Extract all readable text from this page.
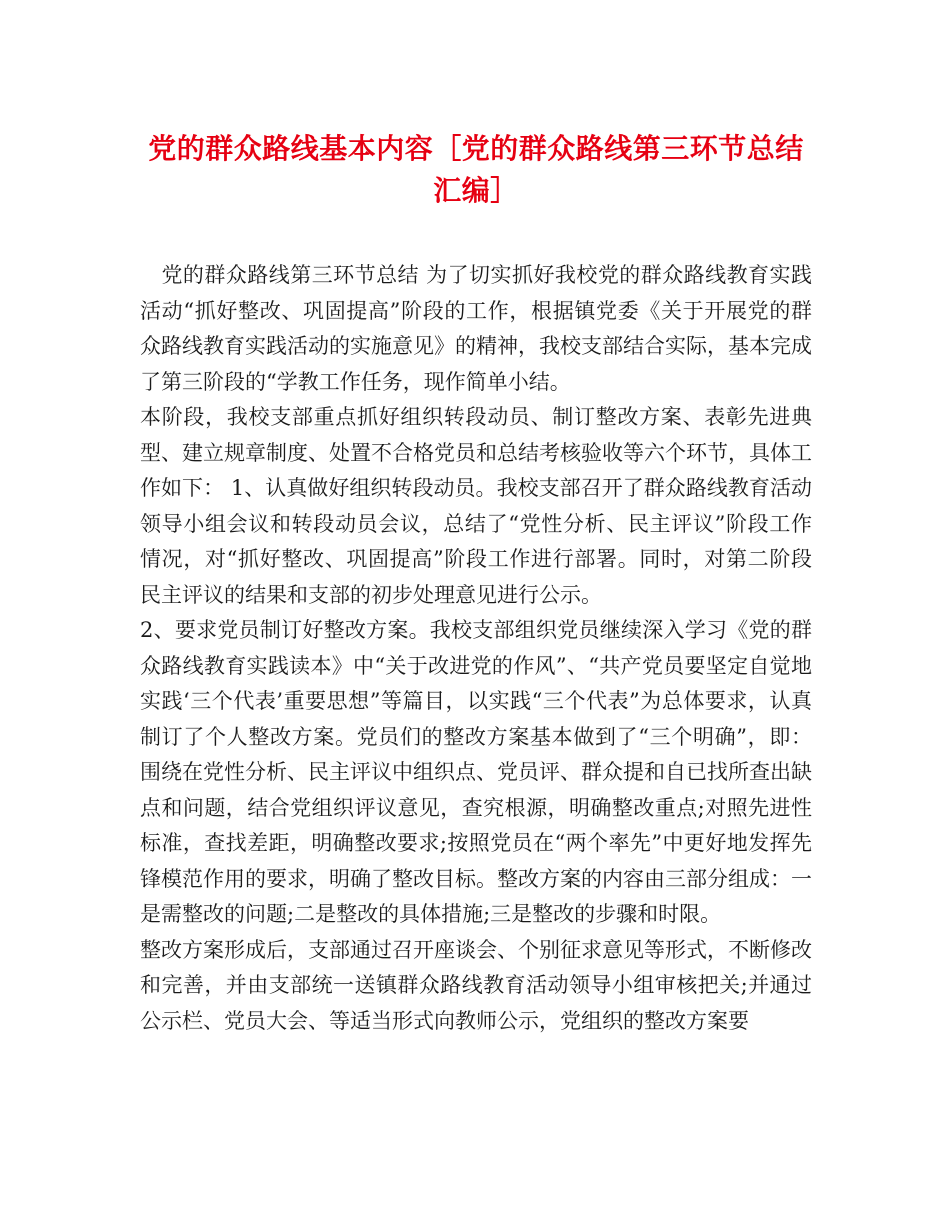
党的群众路线基本内容［党的群众路线第三环节总结汇编］

　党的群众路线第三环节总结 为了切实抓好我校党的群众路线教育实践活动“抓好整改、巩固提高”阶段的工作，根据镇党委《关于开展党的群众路线教育实践活动的实施意见》的精神，我校支部结合实际，基本完成了第三阶段的“学教工作任务，现作简单小结。

本阶段，我校支部重点抓好组织转段动员、制订整改方案、表彰先进典型、建立规章制度、处置不合格党员和总结考核验收等六个环节，具体工作如下： 1、认真做好组织转段动员。我校支部召开了群众路线教育活动领导小组会议和转段动员会议，总结了“党性分析、民主评议”阶段工作情况，对“抓好整改、巩固提高”阶段工作进行部署。同时，对第二阶段民主评议的结果和支部的初步处理意见进行公示。

2、要求党员制订好整改方案。我校支部组织党员继续深入学习《党的群众路线教育实践读本》中“关于改进党的作风”、“共产党员要坚定自觉地实践‘三个代表’重要思想”等篇目，以实践“三个代表”为总体要求，认真制订了个人整改方案。党员们的整改方案基本做到了“三个明确”，即：围绕在党性分析、民主评议中组织点、党员评、群众提和自已找所查出缺点和问题，结合党组织评议意见，查究根源，明确整改重点;对照先进性标准，查找差距，明确整改要求;按照党员在“两个率先”中更好地发挥先锋模范作用的要求，明确了整改目标。整改方案的内容由三部分组成：一是需整改的问题;二是整改的具体措施;三是整改的步骤和时限。

整改方案形成后，支部通过召开座谈会、个别征求意见等形式，不断修改和完善，并由支部统一送镇群众路线教育活动领导小组审核把关;并通过公示栏、党员大会、等适当形式向教师公示，党组织的整改方案要
